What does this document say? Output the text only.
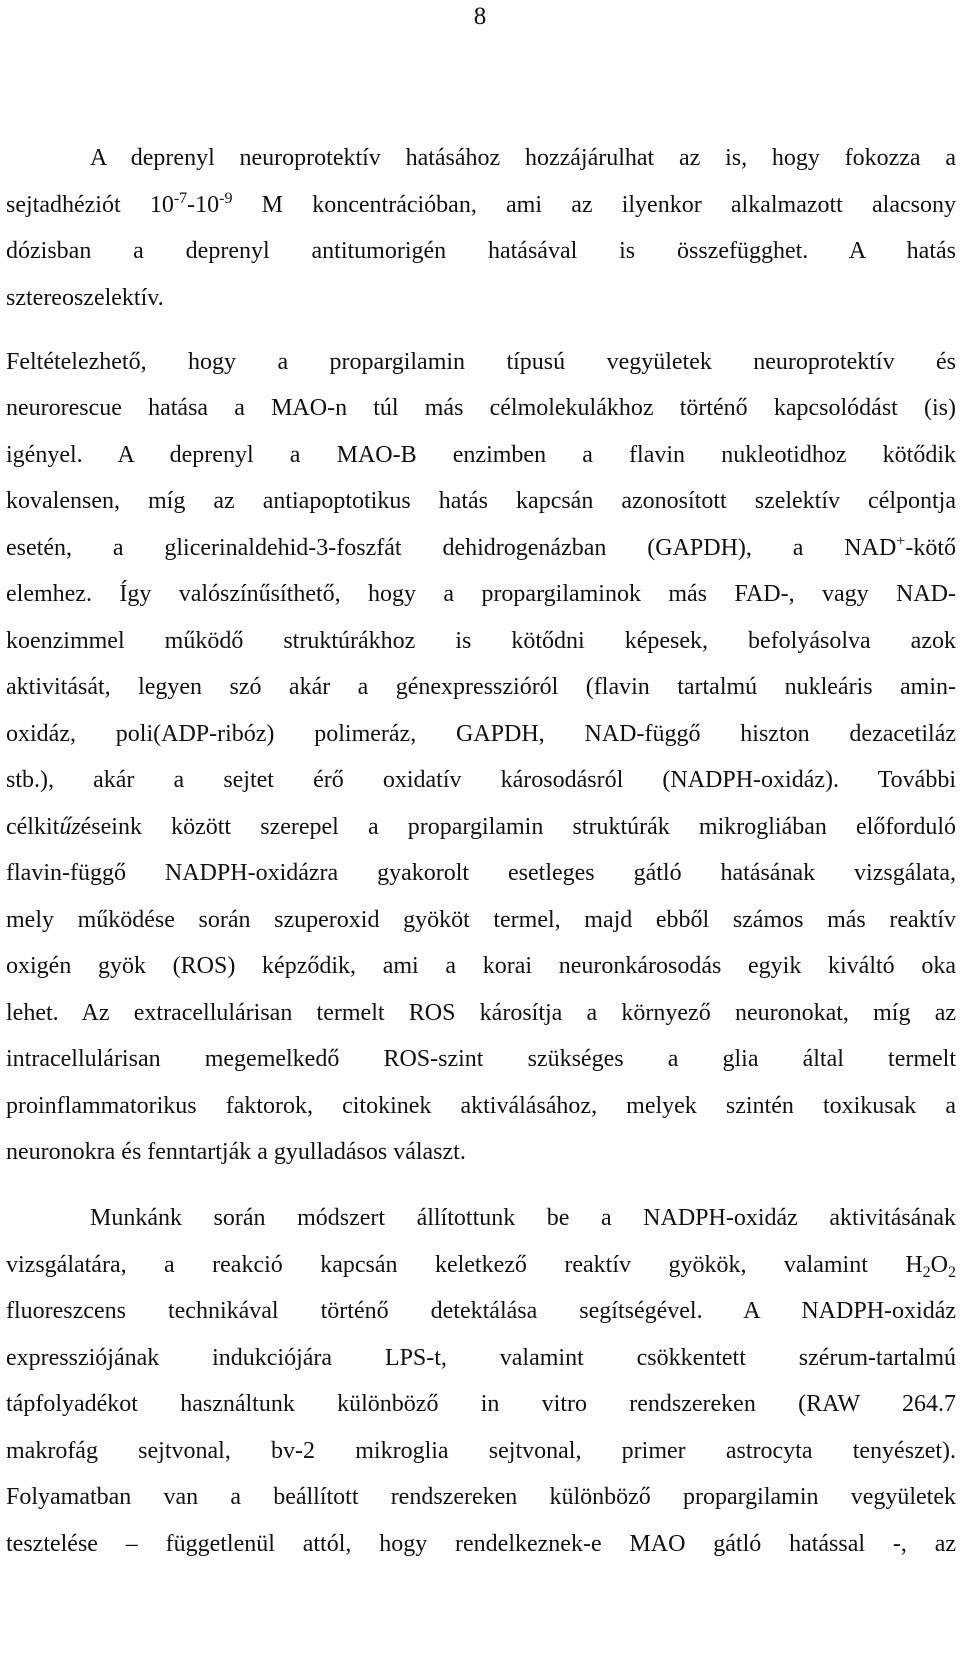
8
A deprenyl neuroprotektív hatásához hozzájárulhat az is, hogy fokozza a
sejtadhéziót $10^{-7}-10^{-9}$ M koncentrációban, ami az ilyenkor alkalmazott alacsony
dózisban a deprenyl antitumorigén hatásával is összefügghet. A hatás
sztereoszelektív.
Feltételezhető, hogy a propargilamin típusú vegyületek neuroprotektív és
neurorescue hatása a MAO-n túl más célmolekulákhoz történő kapcsolódást (is)
igényel. A deprenyl a MAO-B enzimben a flavin nukleotidhoz kötődik
kovalensen, míg az antiapoptotikus hatás kapcsán azonosított szelektív célpontja
esetén, a glicerinaldehid-3-foszfát dehidrogenázban (GAPDH), a NAD+-kötő
elemhez. Így valószínűsíthető, hogy a propargilaminok más FAD-, vagy NAD-
koenzimmel működő struktúrákhoz is kötődni képesek, befolyásolva azok
aktivitását, legyen szó akár a génexpresszióról (flavin tartalmú nukleáris amin-
oxidáz, poli(ADP-ribóz) polimeráz, GAPDH, NAD-függő hiszton dezacetiláz
stb.), akár a sejtet érő oxidatív károsodásról (NADPH-oxidáz). További
célkitűzéseink között szerepel a propargilamin struktúrák mikrogliában előforduló
flavin-függő NADPH-oxidázra gyakorolt esetleges gátló hatásának vizsgálata,
mely működése során szuperoxid gyököt termel, majd ebből számos más reaktív
oxigén gyök (ROS) képződik, ami a korai neuronkárosodás egyik kiváltó oka
lehet. Az extracellulárisan termelt ROS károsítja a környező neuronokat, míg az
intracellulárisan megemelkedő ROS-szint szükséges a glia által termelt
proinflammatorikus faktorok, citokinek aktiválásához, melyek szintén toxikusak a
neuronokra és fenntartják a gyulladásos választ.
Munkánk során módszert állítottunk be a NADPH-oxidáz aktivitásának
vizsgálatára, a reakció kapcsán keletkező reaktív gyökök, valamint $H_2O_2$
fluoreszcens technikával történő detektálása segítségével. A NADPH-oxidáz
expressziójának indukciójára LPS-t, valamint csökkentett szérum-tartalmú
tápfolyadékot használtunk különböző in vitro rendszereken (RAW 264.7
makrofág sejtvonal, bv-2 mikroglia sejtvonal, primer astrocyta tenyészet).
Folyamatban van a beállított rendszereken különböző propargilamin vegyületek
tesztelése – függetlenül attól, hogy rendelkeznek-e MAO gátló hatással -, az
